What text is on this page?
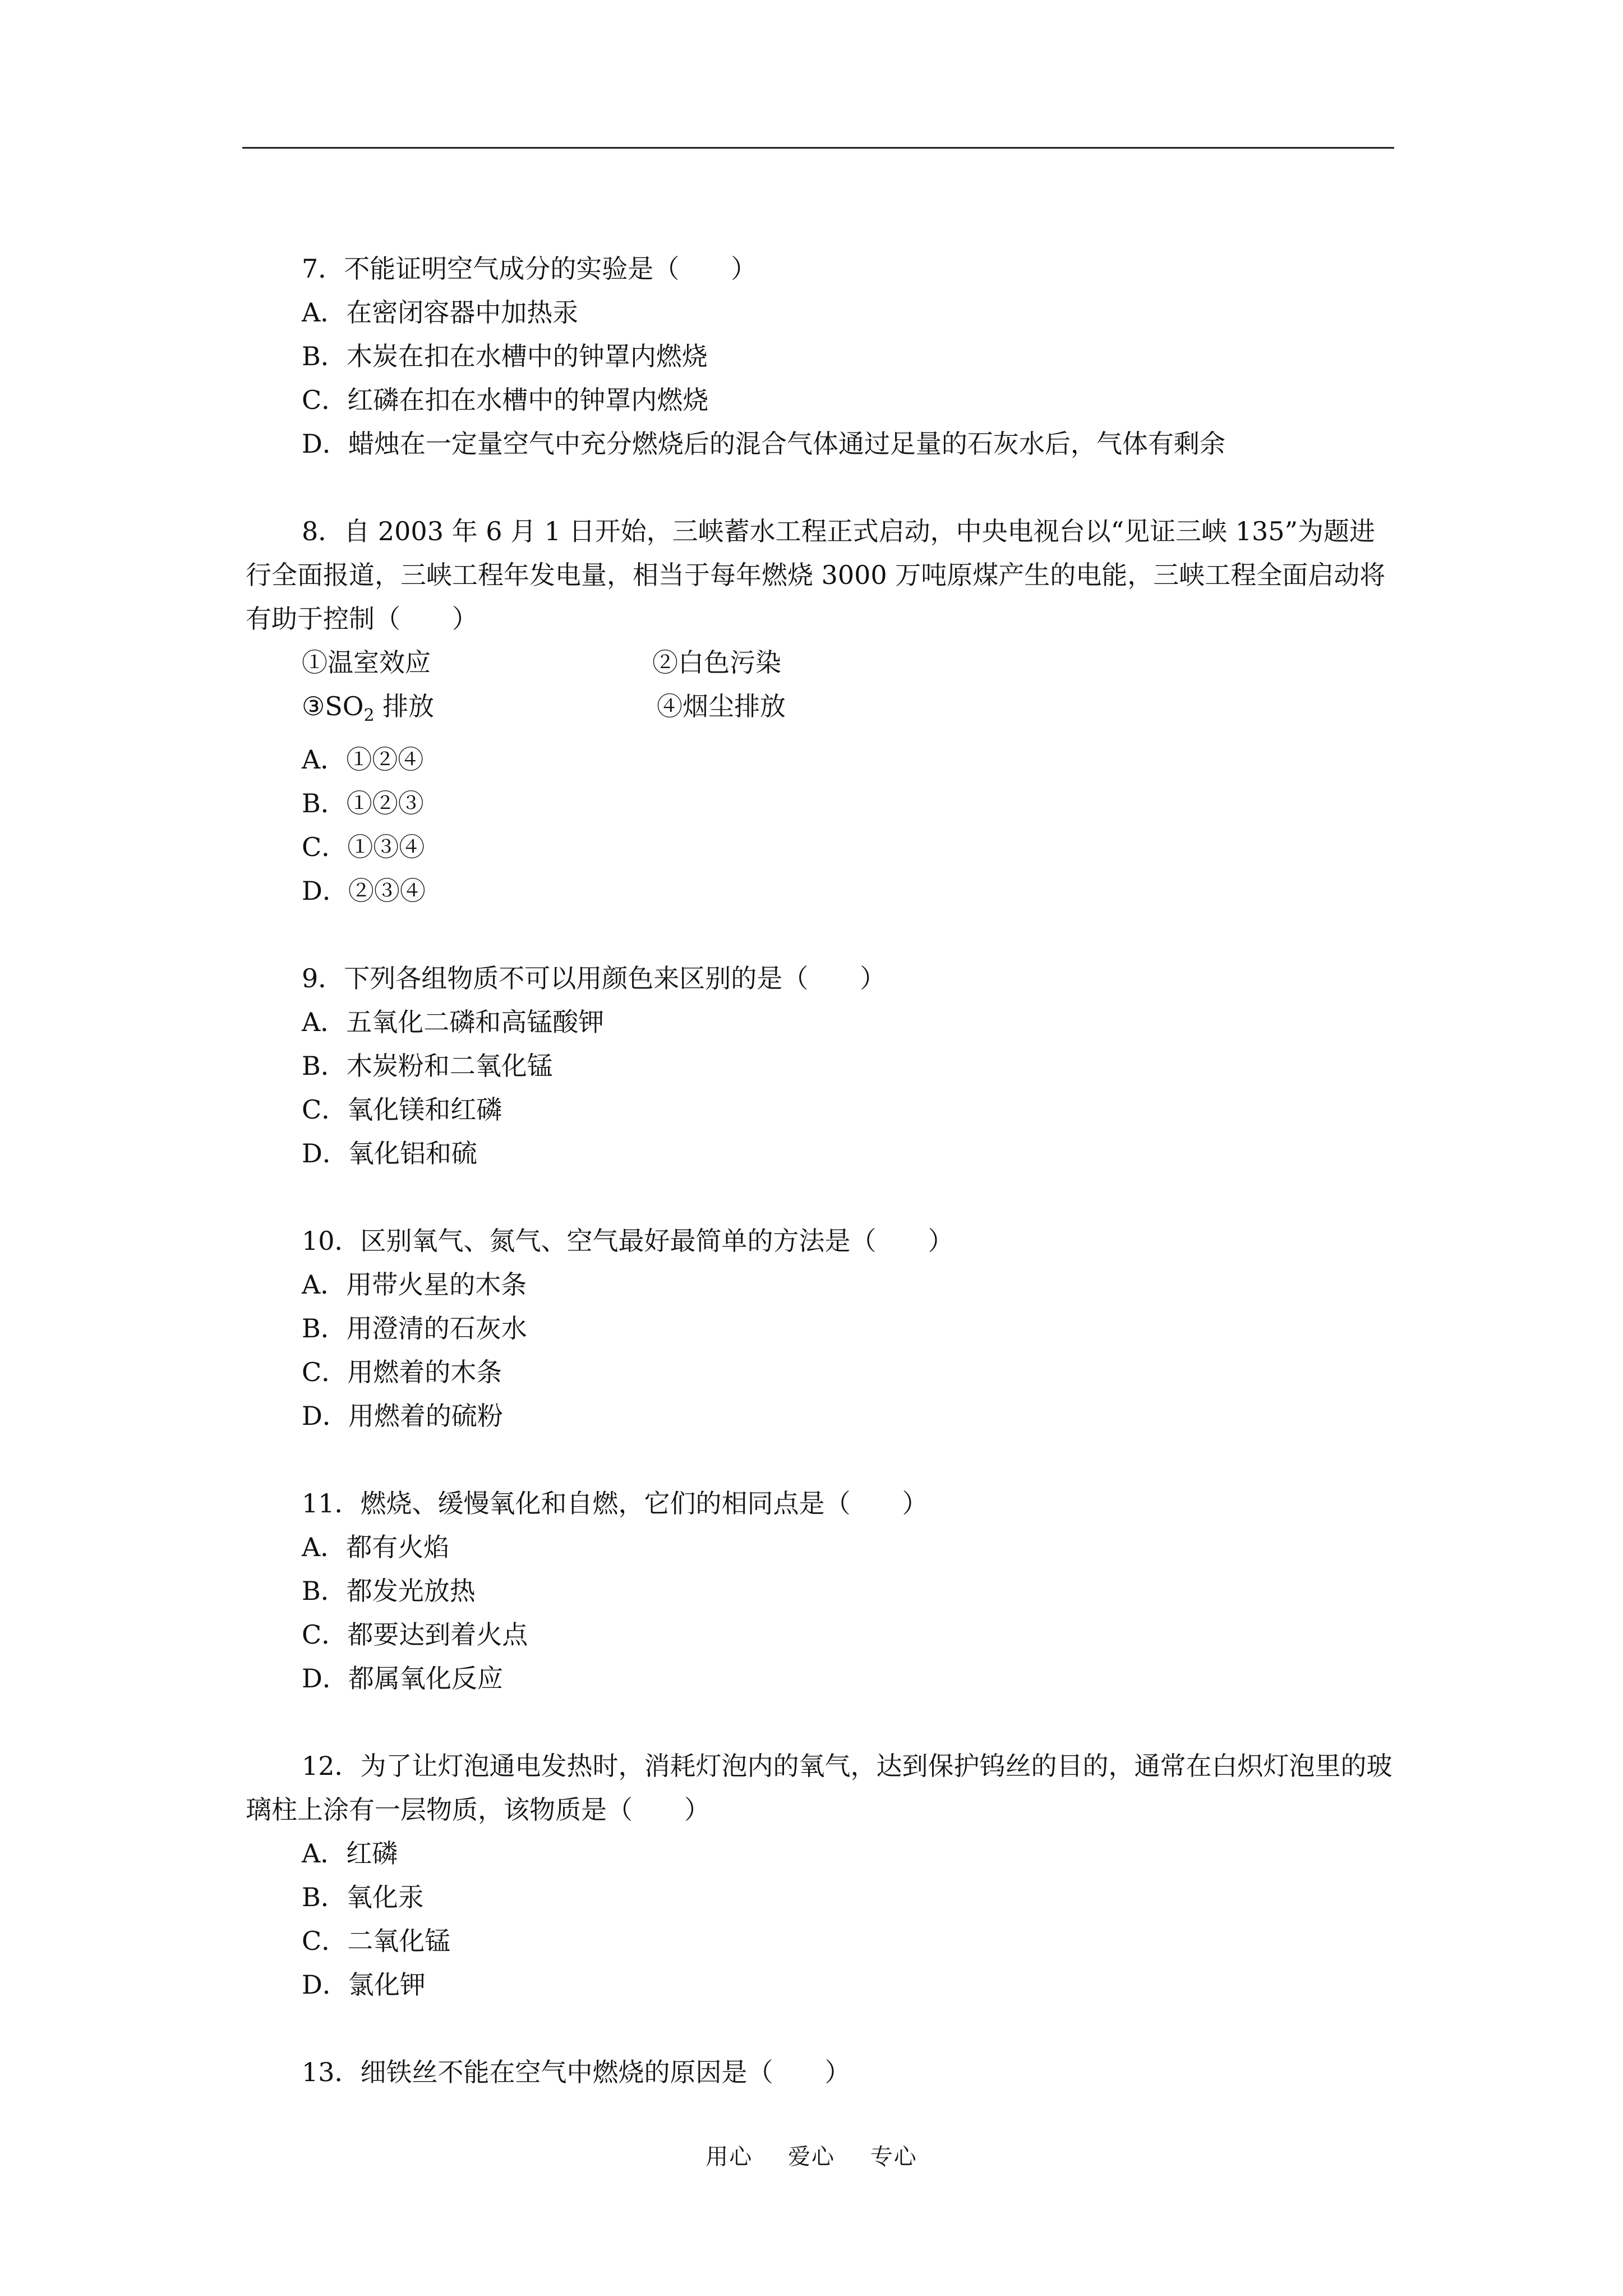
7．不能证明空气成分的实验是（　　）

A．在密闭容器中加热汞

B．木炭在扣在水槽中的钟罩内燃烧

C．红磷在扣在水槽中的钟罩内燃烧

D．蜡烛在一定量空气中充分燃烧后的混合气体通过足量的石灰水后，气体有剩余

8．自 2003 年 6 月 1 日开始，三峡蓄水工程正式启动，中央电视台以“见证三峡 135”为题进行全面报道，三峡工程年发电量，相当于每年燃烧 3000 万吨原煤产生的电能，三峡工程全面启动将有助于控制（　　）

①温室效应	②白色污染
$③SO_2$ 排放	④烟尘排放

A．①②④

B．①②③

C．①③④

D．②③④

9．下列各组物质不可以用颜色来区别的是（　　）

A．五氧化二磷和高锰酸钾

B．木炭粉和二氧化锰

C．氧化镁和红磷

D．氧化铝和硫

10．区别氧气、氮气、空气最好最简单的方法是（　　）

A．用带火星的木条

B．用澄清的石灰水

C．用燃着的木条

D．用燃着的硫粉

11．燃烧、缓慢氧化和自燃，它们的相同点是（　　）

A．都有火焰

B．都发光放热

C．都要达到着火点

D．都属氧化反应

12．为了让灯泡通电发热时，消耗灯泡内的氧气，达到保护钨丝的目的，通常在白炽灯泡里的玻璃柱上涂有一层物质，该物质是（　　）

A．红磷

B．氧化汞

C．二氧化锰

D．氯化钾

13．细铁丝不能在空气中燃烧的原因是（　　）

用心 爱心 专心
